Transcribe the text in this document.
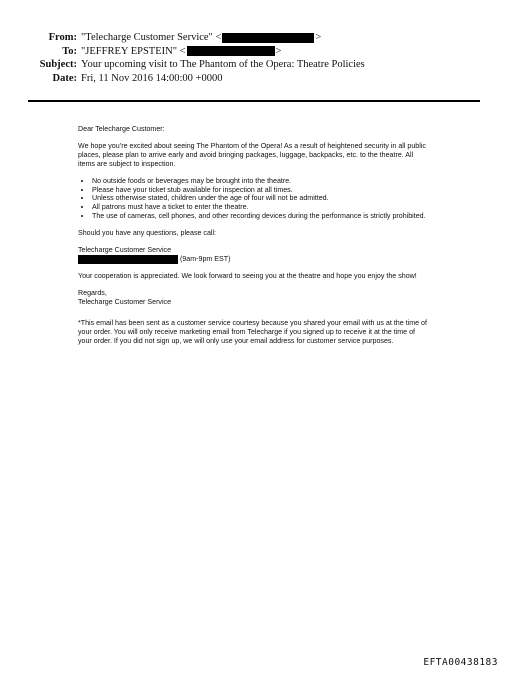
From: "Telecharge Customer Service" <	>
To: "JEFFREY EPSTEIN" <	>
Subject: Your upcoming visit to The Phantom of the Opera: Theatre Policies
Date: Fri, 11 Nov 2016 14:00:00 +0000

Dear Telecharge Customer:

We hope you’re excited about seeing The Phantom of the Opera! As a result of heightened security in all public places, please plan to arrive early and avoid bringing packages, luggage, backpacks, etc. to the theatre. All items are subject to inspection.

• No outside foods or beverages may be brought into the theatre.
• Please have your ticket stub available for inspection at all times.
• Unless otherwise stated, children under the age of four will not be admitted.
• All patrons must have a ticket to enter the theatre.
• The use of cameras, cell phones, and other recording devices during the performance is strictly prohibited.

Should you have any questions, please call:

Telecharge Customer Service
(9am-9pm EST)

Your cooperation is appreciated. We look forward to seeing you at the theatre and hope you enjoy the show!

Regards,
Telecharge Customer Service

*This email has been sent as a customer service courtesy because you shared your email with us at the time of your order. You will only receive marketing email from Telecharge if you signed up to receive it at the time of your order. If you did not sign up, we will only use your email address for customer service purposes.

EFTA00438183
